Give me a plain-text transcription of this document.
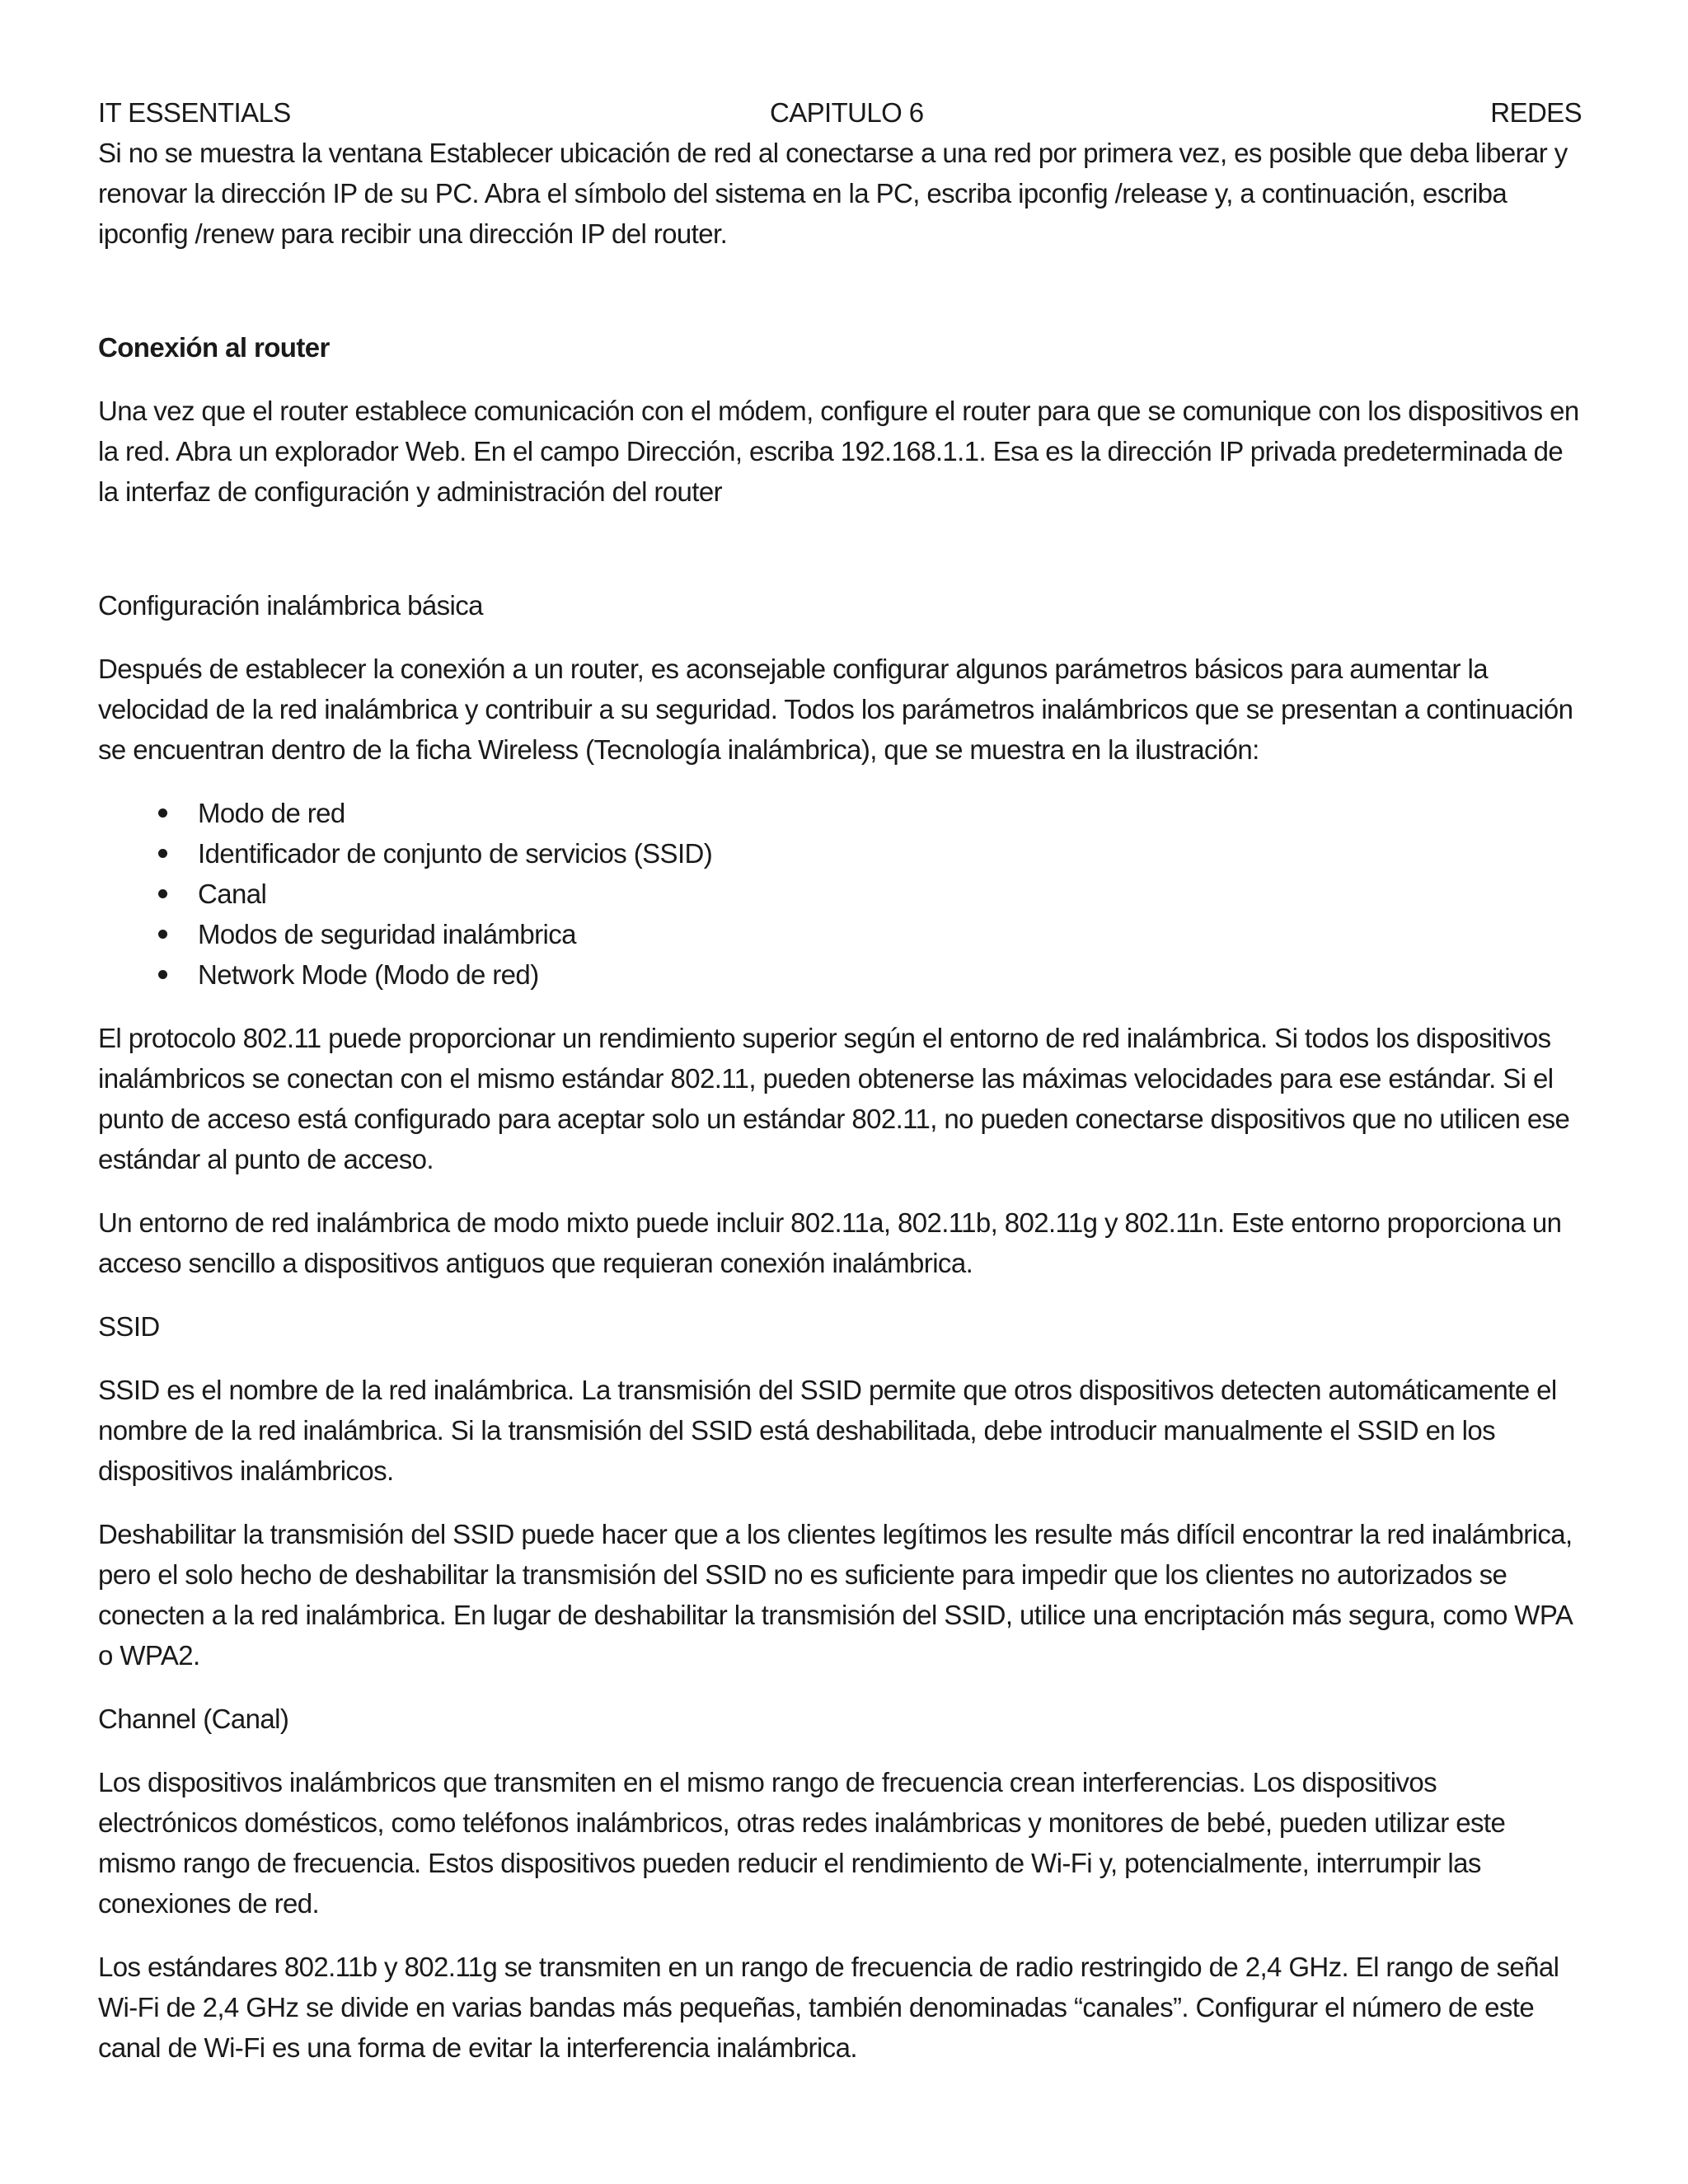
IT ESSENTIALS	CAPITULO 6	REDES

Si no se muestra la ventana Establecer ubicación de red al conectarse a una red por primera vez, es posible que deba liberar y renovar la dirección IP de su PC. Abra el símbolo del sistema en la PC, escriba ipconfig /release y, a continuación, escriba ipconfig /renew para recibir una dirección IP del router.

Conexión al router

Una vez que el router establece comunicación con el módem, configure el router para que se comunique con los dispositivos en la red. Abra un explorador Web. En el campo Dirección, escriba 192.168.1.1. Esa es la dirección IP privada predeterminada de la interfaz de configuración y administración del router

Configuración inalámbrica básica

Después de establecer la conexión a un router, es aconsejable configurar algunos parámetros básicos para aumentar la velocidad de la red inalámbrica y contribuir a su seguridad. Todos los parámetros inalámbricos que se presentan a continuación se encuentran dentro de la ficha Wireless (Tecnología inalámbrica), que se muestra en la ilustración:

Modo de red
Identificador de conjunto de servicios (SSID)
Canal
Modos de seguridad inalámbrica
Network Mode (Modo de red)

El protocolo 802.11 puede proporcionar un rendimiento superior según el entorno de red inalámbrica. Si todos los dispositivos inalámbricos se conectan con el mismo estándar 802.11, pueden obtenerse las máximas velocidades para ese estándar. Si el punto de acceso está configurado para aceptar solo un estándar 802.11, no pueden conectarse dispositivos que no utilicen ese estándar al punto de acceso.

Un entorno de red inalámbrica de modo mixto puede incluir 802.11a, 802.11b, 802.11g y 802.11n. Este entorno proporciona un acceso sencillo a dispositivos antiguos que requieran conexión inalámbrica.

SSID

SSID es el nombre de la red inalámbrica. La transmisión del SSID permite que otros dispositivos detecten automáticamente el nombre de la red inalámbrica. Si la transmisión del SSID está deshabilitada, debe introducir manualmente el SSID en los dispositivos inalámbricos.

Deshabilitar la transmisión del SSID puede hacer que a los clientes legítimos les resulte más difícil encontrar la red inalámbrica, pero el solo hecho de deshabilitar la transmisión del SSID no es suficiente para impedir que los clientes no autorizados se conecten a la red inalámbrica. En lugar de deshabilitar la transmisión del SSID, utilice una encriptación más segura, como WPA o WPA2.

Channel (Canal)

Los dispositivos inalámbricos que transmiten en el mismo rango de frecuencia crean interferencias. Los dispositivos electrónicos domésticos, como teléfonos inalámbricos, otras redes inalámbricas y monitores de bebé, pueden utilizar este mismo rango de frecuencia. Estos dispositivos pueden reducir el rendimiento de Wi-Fi y, potencialmente, interrumpir las conexiones de red.

Los estándares 802.11b y 802.11g se transmiten en un rango de frecuencia de radio restringido de 2,4 GHz. El rango de señal Wi-Fi de 2,4 GHz se divide en varias bandas más pequeñas, también denominadas “canales”. Configurar el número de este canal de Wi-Fi es una forma de evitar la interferencia inalámbrica.
